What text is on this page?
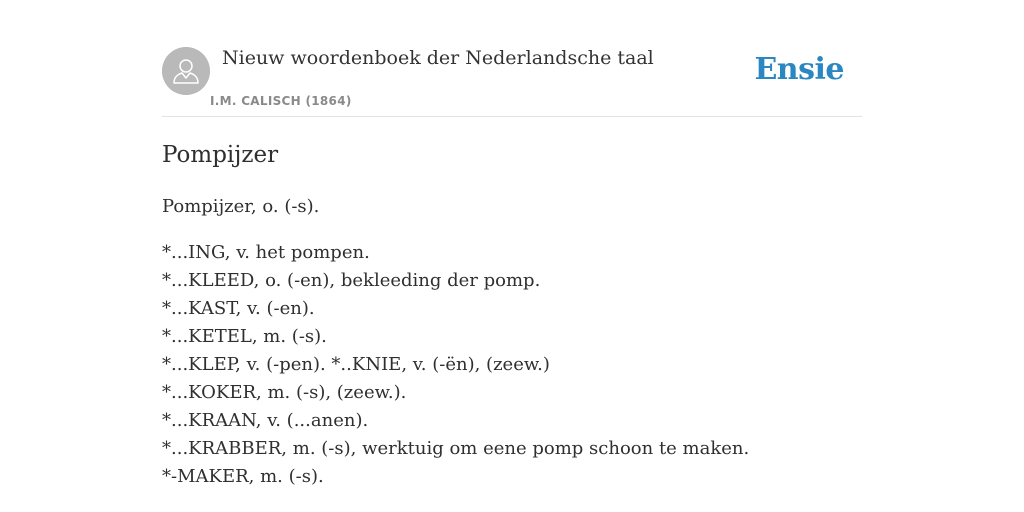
Nieuw woordenboek der Nederlandsche taal
I.M. CALISCH (1864)
Ensie
Pompijzer
Pompijzer, o. (-s).
*...ING, v. het pompen.
*...KLEED, o. (-en), bekleeding der pomp.
*...KAST, v. (-en).
*...KETEL, m. (-s).
*...KLEP, v. (-pen). *..KNIE, v. (-ën), (zeew.)
*...KOKER, m. (-s), (zeew.).
*...KRAAN, v. (...anen).
*...KRABBER, m. (-s), werktuig om eene pomp schoon te maken.
*-MAKER, m. (-s).
